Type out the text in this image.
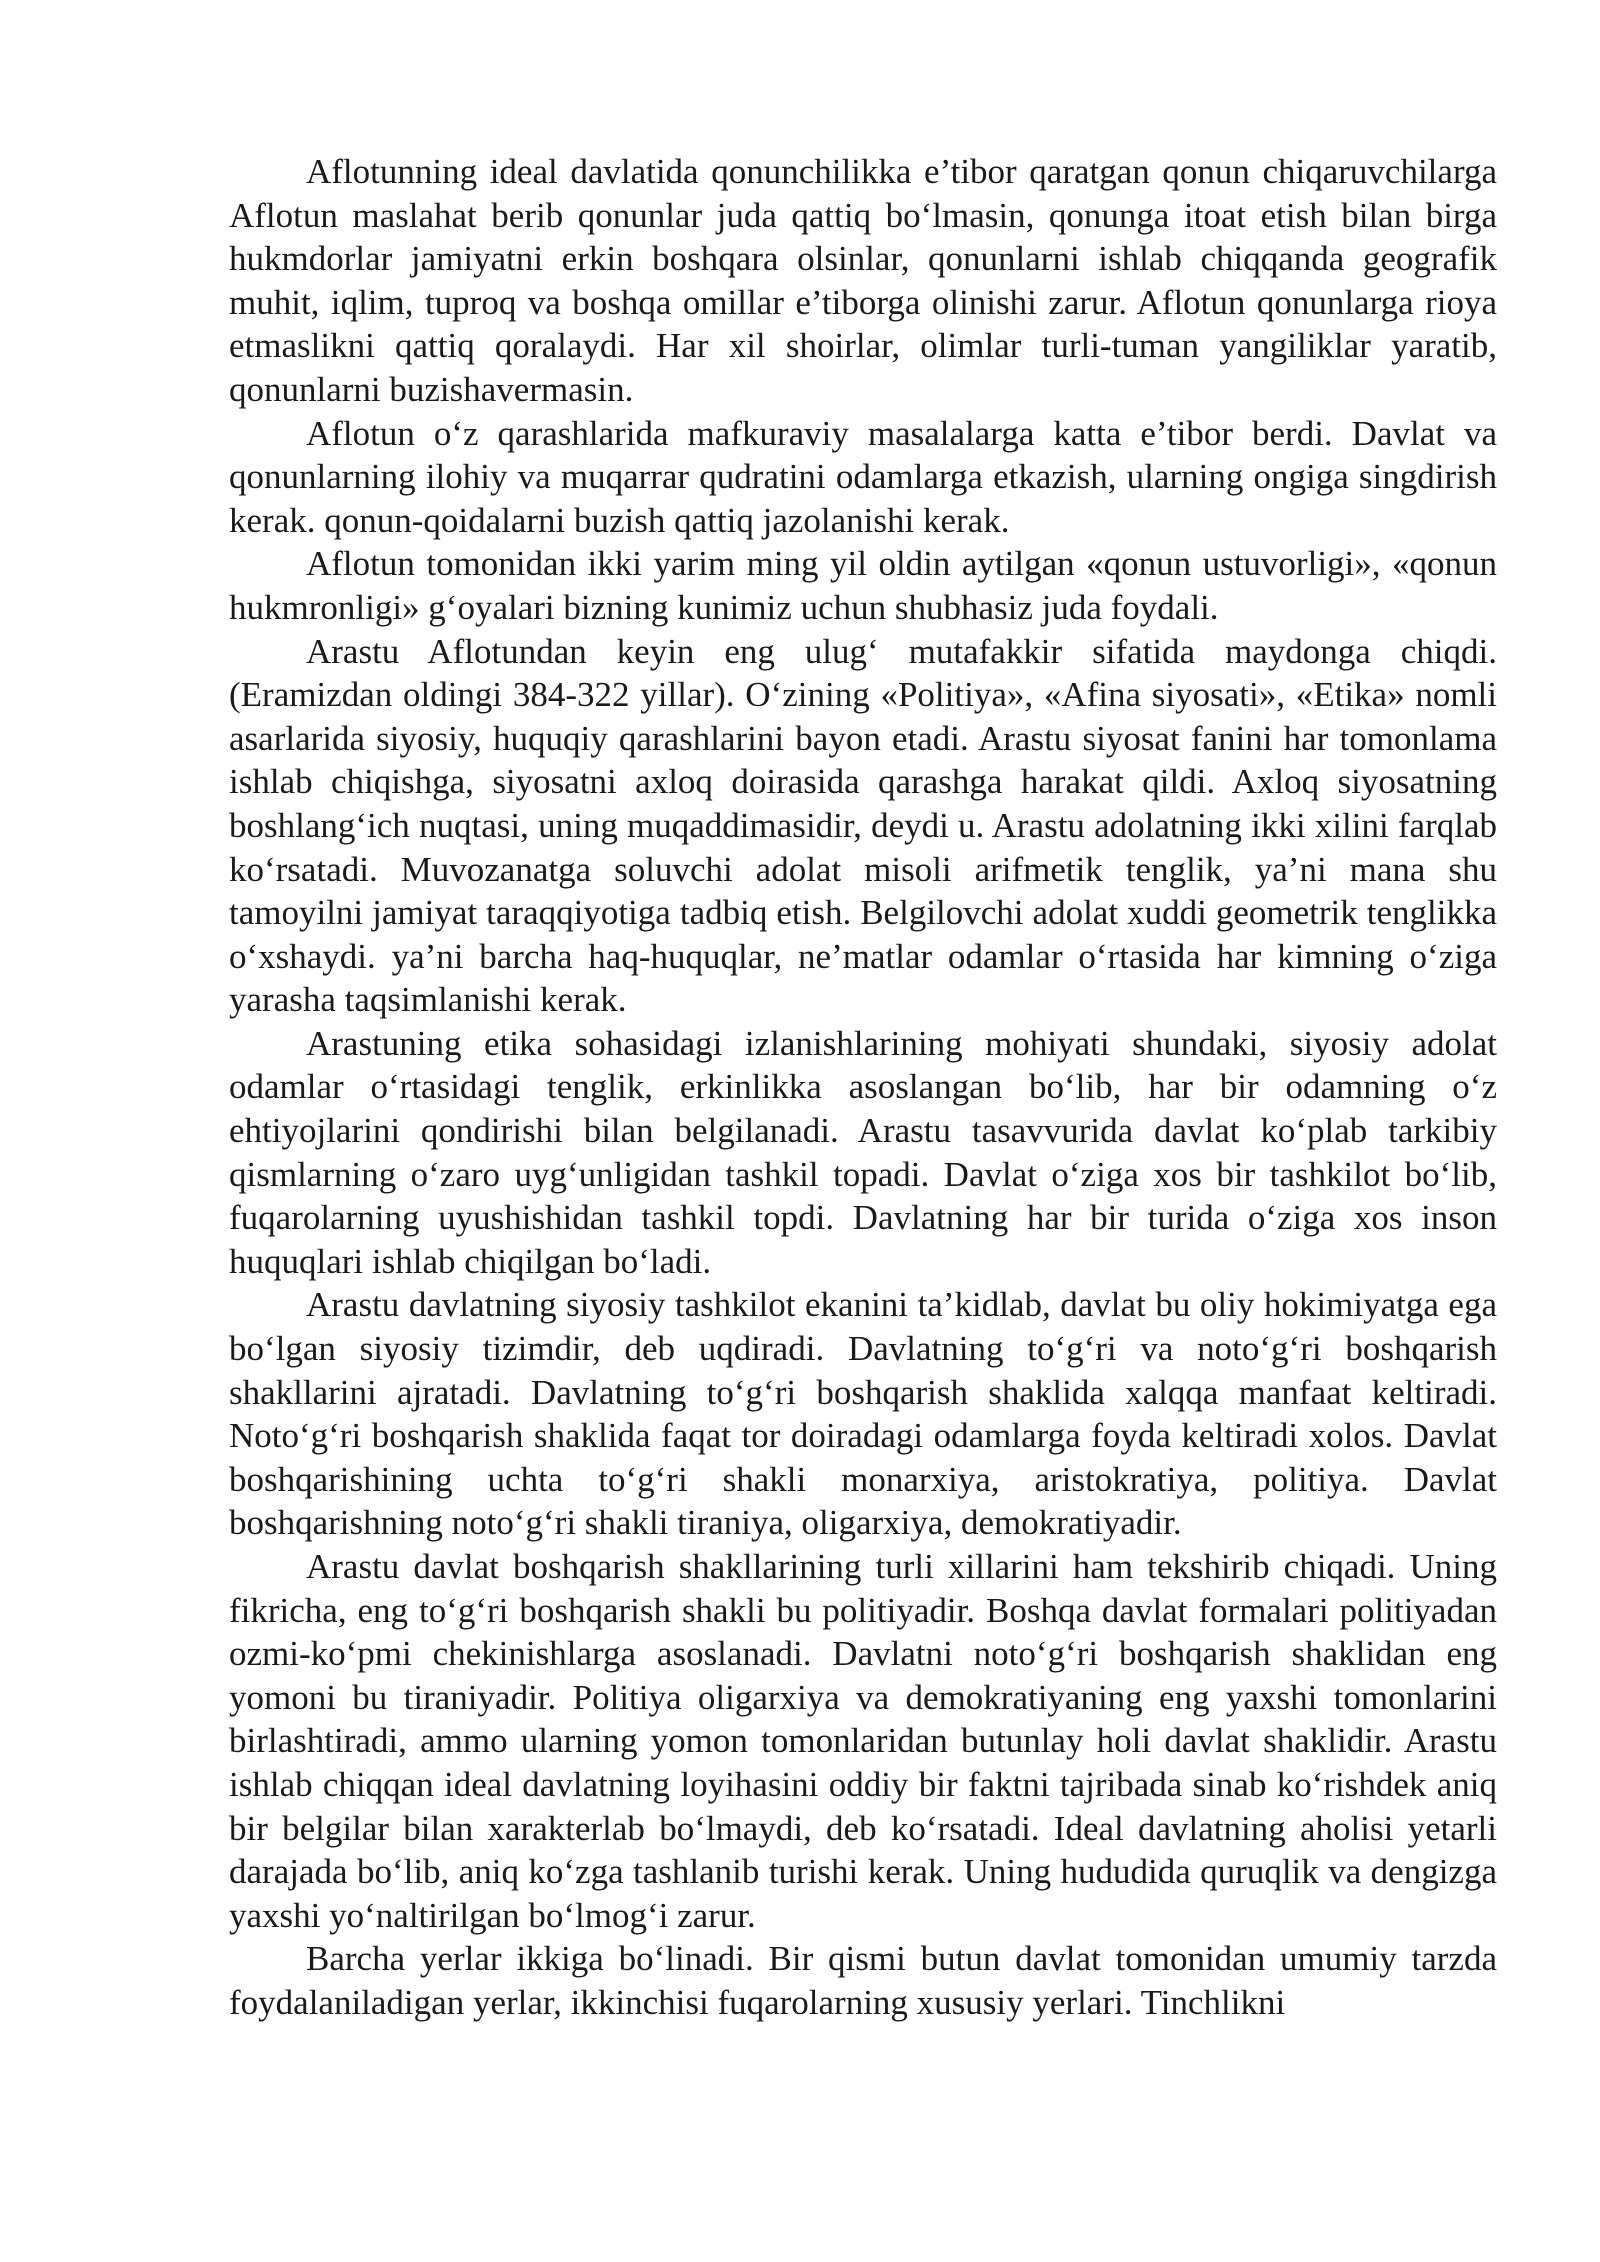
Aflotunning ideal davlatida qonunchilikka e’tibor qaratgan qonun chiqaruvchilarga Aflotun maslahat berib qonunlar juda qattiq bo‘lmasin, qonunga itoat etish bilan birga hukmdorlar jamiyatni erkin boshqara olsinlar, qonunlarni ishlab chiqqanda geografik muhit, iqlim, tuproq va boshqa omillar e’tiborga olinishi zarur. Aflotun qonunlarga rioya etmaslikni qattiq qoralaydi. Har xil shoirlar, olimlar turli-tuman yangiliklar yaratib, qonunlarni buzishavermasin.

Aflotun o‘z qarashlarida mafkuraviy masalalarga katta e’tibor berdi. Davlat va qonunlarning ilohiy va muqarrar qudratini odamlarga etkazish, ularning ongiga singdirish kerak. qonun-qoidalarni buzish qattiq jazolanishi kerak.

Aflotun tomonidan ikki yarim ming yil oldin aytilgan «qonun ustuvorligi», «qonun hukmronligi» g‘oyalari bizning kunimiz uchun shubhasiz juda foydali.

Arastu Aflotundan keyin eng ulug‘ mutafakkir sifatida maydonga chiqdi. (Eramizdan oldingi 384-322 yillar). O‘zining «Politiya», «Afina siyosati», «Etika» nomli asarlarida siyosiy, huquqiy qarashlarini bayon etadi. Arastu siyosat fanini har tomonlama ishlab chiqishga, siyosatni axloq doirasida qarashga harakat qildi. Axloq siyosatning boshlang‘ich nuqtasi, uning muqaddimasidir, deydi u. Arastu adolatning ikki xilini farqlab ko‘rsatadi. Muvozanatga soluvchi adolat misoli arifmetik tenglik, ya’ni mana shu tamoyilni jamiyat taraqqiyotiga tadbiq etish. Belgilovchi adolat xuddi geometrik tenglikka o‘xshaydi. ya’ni barcha haq-huquqlar, ne’matlar odamlar o‘rtasida har kimning o‘ziga yarasha taqsimlanishi kerak.

Arastuning etika sohasidagi izlanishlarining mohiyati shundaki, siyosiy adolat odamlar o‘rtasidagi tenglik, erkinlikka asoslangan bo‘lib, har bir odamning o‘z ehtiyojlarini qondirishi bilan belgilanadi. Arastu tasavvurida davlat ko‘plab tarkibiy qismlarning o‘zaro uyg‘unligidan tashkil topadi. Davlat o‘ziga xos bir tashkilot bo‘lib, fuqarolarning uyushishidan tashkil topdi. Davlatning har bir turida o‘ziga xos inson huquqlari ishlab chiqilgan bo‘ladi.

Arastu davlatning siyosiy tashkilot ekanini ta’kidlab, davlat bu oliy hokimiyatga ega bo‘lgan siyosiy tizimdir, deb uqdiradi. Davlatning to‘g‘ri va noto‘g‘ri boshqarish shakllarini ajratadi. Davlatning to‘g‘ri boshqarish shaklida xalqqa manfaat keltiradi. Noto‘g‘ri boshqarish shaklida faqat tor doiradagi odamlarga foyda keltiradi xolos. Davlat boshqarishining uchta to‘g‘ri shakli monarxiya, aristokratiya, politiya. Davlat boshqarishning noto‘g‘ri shakli tiraniya, oligarxiya, demokratiyadir.

Arastu davlat boshqarish shakllarining turli xillarini ham tekshirib chiqadi. Uning fikricha, eng to‘g‘ri boshqarish shakli bu politiyadir. Boshqa davlat formalari politiyadan ozmi-ko‘pmi chekinishlarga asoslanadi. Davlatni noto‘g‘ri boshqarish shaklidan eng yomoni bu tiraniyadir. Politiya oligarxiya va demokratiyaning eng yaxshi tomonlarini birlashtiradi, ammo ularning yomon tomonlaridan butunlay holi davlat shaklidir. Arastu ishlab chiqqan ideal davlatning loyihasini oddiy bir faktni tajribada sinab ko‘rishdek aniq bir belgilar bilan xarakterlab bo‘lmaydi, deb ko‘rsatadi. Ideal davlatning aholisi yetarli darajada bo‘lib, aniq ko‘zga tashlanib turishi kerak. Uning hududida quruqlik va dengizga yaxshi yo‘naltirilgan bo‘lmog‘i zarur.

Barcha yerlar ikkiga bo‘linadi. Bir qismi butun davlat tomonidan umumiy tarzda foydalaniladigan yerlar, ikkinchisi fuqarolarning xususiy yerlari. Tinchlikni
